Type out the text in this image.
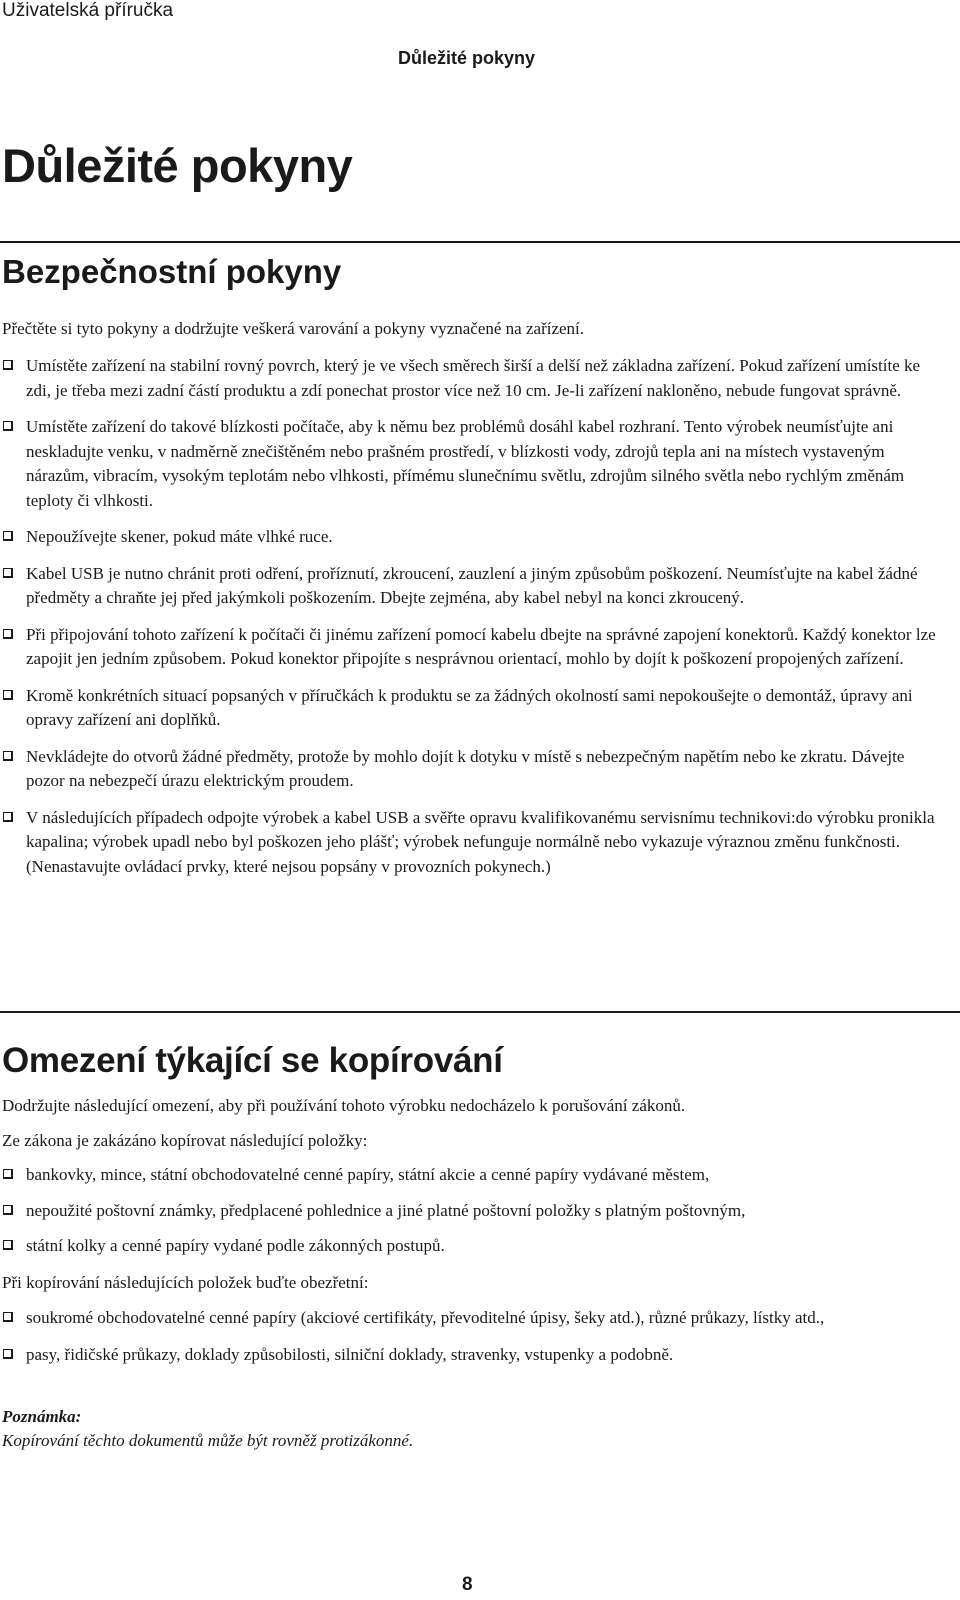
Uživatelská příručka
Důležité pokyny
Důležité pokyny
Bezpečnostní pokyny

Přečtěte si tyto pokyny a dodržujte veškerá varování a pokyny vyznačené na zařízení.

Umístěte zařízení na stabilní rovný povrch, který je ve všech směrech širší a delší než základna zařízení. Pokud zařízení umístíte ke zdi, je třeba mezi zadní částí produktu a zdí ponechat prostor více než 10 cm. Je-li zařízení nakloněno, nebude fungovat správně.
Umístěte zařízení do takové blízkosti počítače, aby k němu bez problémů dosáhl kabel rozhraní. Tento výrobek neumísťujte ani neskladujte venku, v nadměrně znečištěném nebo prašném prostředí, v blízkosti vody, zdrojů tepla ani na místech vystaveným nárazům, vibracím, vysokým teplotám nebo vlhkosti, přímému slunečnímu světlu, zdrojům silného světla nebo rychlým změnám teploty či vlhkosti.
Nepoužívejte skener, pokud máte vlhké ruce.
Kabel USB je nutno chránit proti odření, proříznutí, zkroucení, zauzlení a jiným způsobům poškození. Neumísťujte na kabel žádné předměty a chraňte jej před jakýmkoli poškozením. Dbejte zejména, aby kabel nebyl na konci zkroucený.
Při připojování tohoto zařízení k počítači či jinému zařízení pomocí kabelu dbejte na správné zapojení konektorů. Každý konektor lze zapojit jen jedním způsobem. Pokud konektor připojíte s nesprávnou orientací, mohlo by dojít k poškození propojených zařízení.
Kromě konkrétních situací popsaných v příručkách k produktu se za žádných okolností sami nepokoušejte o demontáž, úpravy ani opravy zařízení ani doplňků.
Nevkládejte do otvorů žádné předměty, protože by mohlo dojít k dotyku v místě s nebezpečným napětím nebo ke zkratu. Dávejte pozor na nebezpečí úrazu elektrickým proudem.
V následujících případech odpojte výrobek a kabel USB a svěřte opravu kvalifikovanému servisnímu technikovi:do výrobku pronikla kapalina; výrobek upadl nebo byl poškozen jeho plášť; výrobek nefunguje normálně nebo vykazuje výraznou změnu funkčnosti. (Nenastavujte ovládací prvky, které nejsou popsány v provozních pokynech.)
Omezení týkající se kopírování

Dodržujte následující omezení, aby při používání tohoto výrobku nedocházelo k porušování zákonů.

Ze zákona je zakázáno kopírovat následující položky:

bankovky, mince, státní obchodovatelné cenné papíry, státní akcie a cenné papíry vydávané městem,
nepoužité poštovní známky, předplacené pohlednice a jiné platné poštovní položky s platným poštovným,
státní kolky a cenné papíry vydané podle zákonných postupů.

Při kopírování následujících položek buďte obezřetní:

soukromé obchodovatelné cenné papíry (akciové certifikáty, převoditelné úpisy, šeky atd.), různé průkazy, lístky atd.,
pasy, řidičské průkazy, doklady způsobilosti, silniční doklady, stravenky, vstupenky a podobně.

Poznámka:

Kopírování těchto dokumentů může být rovněž protizákonné.

8
